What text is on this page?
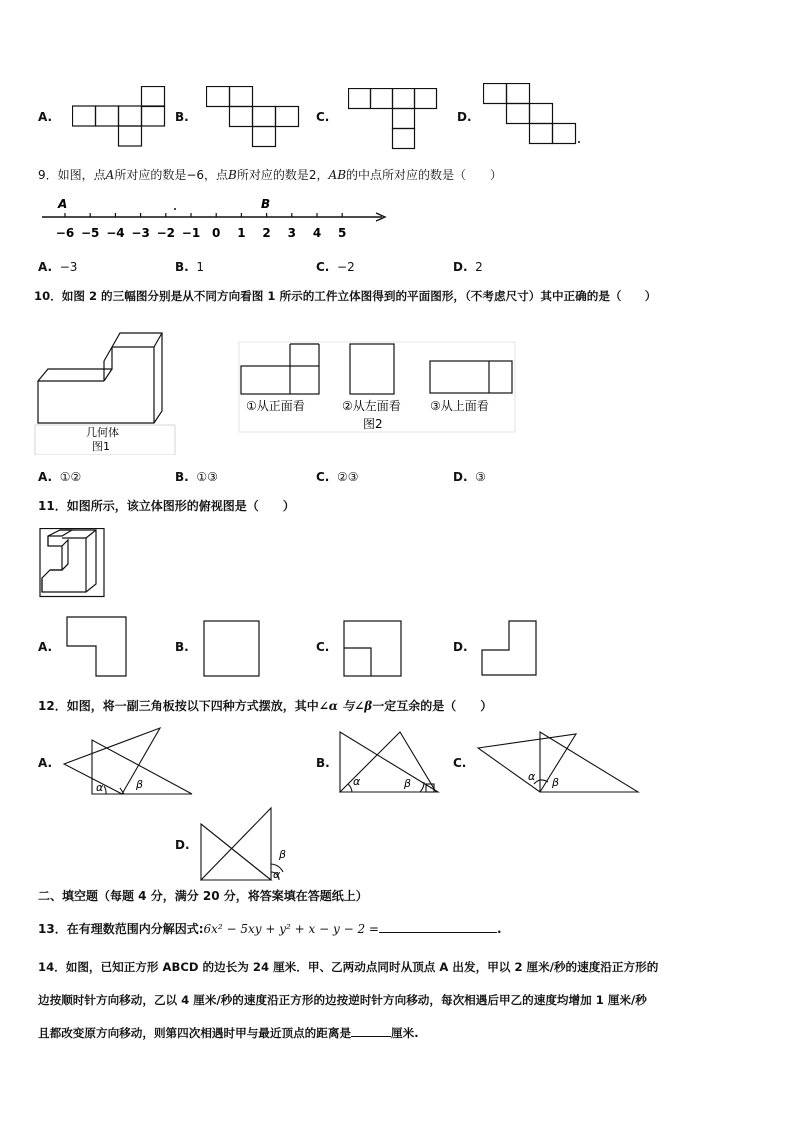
A.	B.	C.	D.
9．如图，点A所对应的数是−6，点B所对应的数是2，AB的中点所对应的数是（　　）
A	B
−6 −5 −4 −3 −2 −1 0 1 2 3 4 5
A. −3	B. 1	C. −2	D. 2
10．如图 2 的三幅图分别是从不同方向看图 1 所示的工件立体图得到的平面图形，（不考虑尺寸）其中正确的是（　　）
几何体
图1
①从正面看	②从左面看 ③从上面看
图2
A. ①②	B. ①③	C. ②③	D. ③
11．如图所示，该立体图形的俯视图是（　　）
A.	B.	C.	D.
12．如图，将一副三角板按以下四种方式摆放，其中∠α 与∠β一定互余的是（　　）
A.
α	β
B.
α	β
C.
α β
D.
β
α
二、填空题（每题 4 分，满分 20 分，将答案填在答题纸上）
13．在有理数范围内分解因式:6x² − 5xy + y² + x − y − 2 =	.
14．如图，已知正方形 ABCD 的边长为 24 厘米．甲、乙两动点同时从顶点 A 出发，甲以 2 厘米/秒的速度沿正方形的
边按顺时针方向移动，乙以 4 厘米/秒的速度沿正方形的边按逆时针方向移动，每次相遇后甲乙的速度均增加 1 厘米/秒
且都改变原方向移动，则第四次相遇时甲与最近顶点的距离是	厘米.
